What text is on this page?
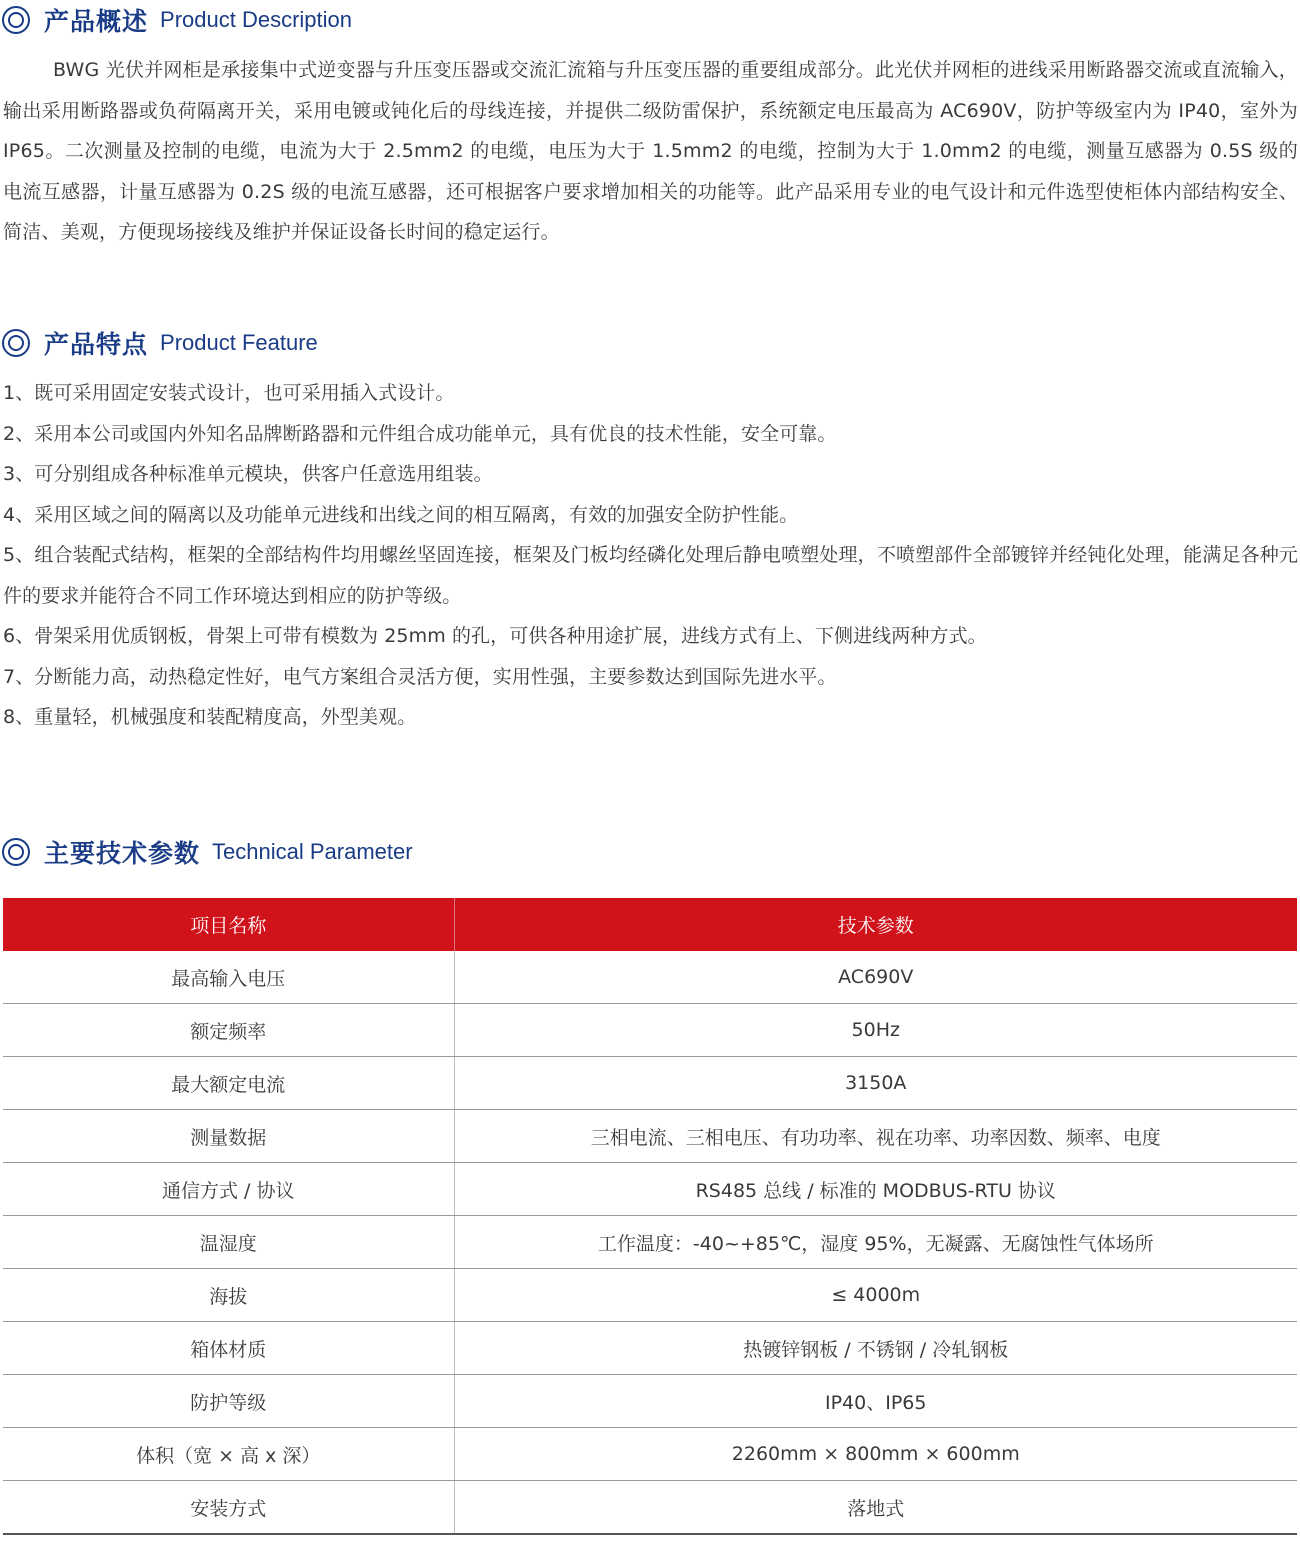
产品概述 Product Description

BWG 光伏并网柜是承接集中式逆变器与升压变压器或交流汇流箱与升压变压器的重要组成部分。此光伏并网柜的进线采用断路器交流或直流输入，输出采用断路器或负荷隔离开关，采用电镀或钝化后的母线连接，并提供二级防雷保护，系统额定电压最高为 AC690V，防护等级室内为 IP40，室外为 IP65。二次测量及控制的电缆，电流为大于 2.5mm2 的电缆，电压为大于 1.5mm2 的电缆，控制为大于 1.0mm2 的电缆，测量互感器为 0.5S 级的电流互感器，计量互感器为 0.2S 级的电流互感器，还可根据客户要求增加相关的功能等。此产品采用专业的电气设计和元件选型使柜体内部结构安全、简洁、美观，方便现场接线及维护并保证设备长时间的稳定运行。

产品特点 Product Feature
1、既可采用固定安装式设计，也可采用插入式设计。
2、采用本公司或国内外知名品牌断路器和元件组合成功能单元，具有优良的技术性能，安全可靠。
3、可分别组成各种标准单元模块，供客户任意选用组装。
4、采用区域之间的隔离以及功能单元进线和出线之间的相互隔离，有效的加强安全防护性能。
5、组合装配式结构，框架的全部结构件均用螺丝坚固连接，框架及门板均经磷化处理后静电喷塑处理，不喷塑部件全部镀锌并经钝化处理，能满足各种元件的要求并能符合不同工作环境达到相应的防护等级。
6、骨架采用优质钢板，骨架上可带有模数为 25mm 的孔，可供各种用途扩展，进线方式有上、下侧进线两种方式。
7、分断能力高，动热稳定性好，电气方案组合灵活方便，实用性强，主要参数达到国际先进水平。
8、重量轻，机械强度和装配精度高，外型美观。
主要技术参数 Technical Parameter
项目名称	技术参数
最高输入电压	AC690V
额定频率	50Hz
最大额定电流	3150A
测量数据	三相电流、三相电压、有功功率、视在功率、功率因数、频率、电度
通信方式 / 协议	RS485 总线 / 标准的 MODBUS-RTU 协议
温湿度	工作温度：-40~+85℃，湿度 95%，无凝露、无腐蚀性气体场所
海拔	≤ 4000m
箱体材质	热镀锌钢板 / 不锈钢 / 冷轧钢板
防护等级	IP40、IP65
体积（宽 × 高 x 深）	2260mm × 800mm × 600mm
安装方式	落地式
